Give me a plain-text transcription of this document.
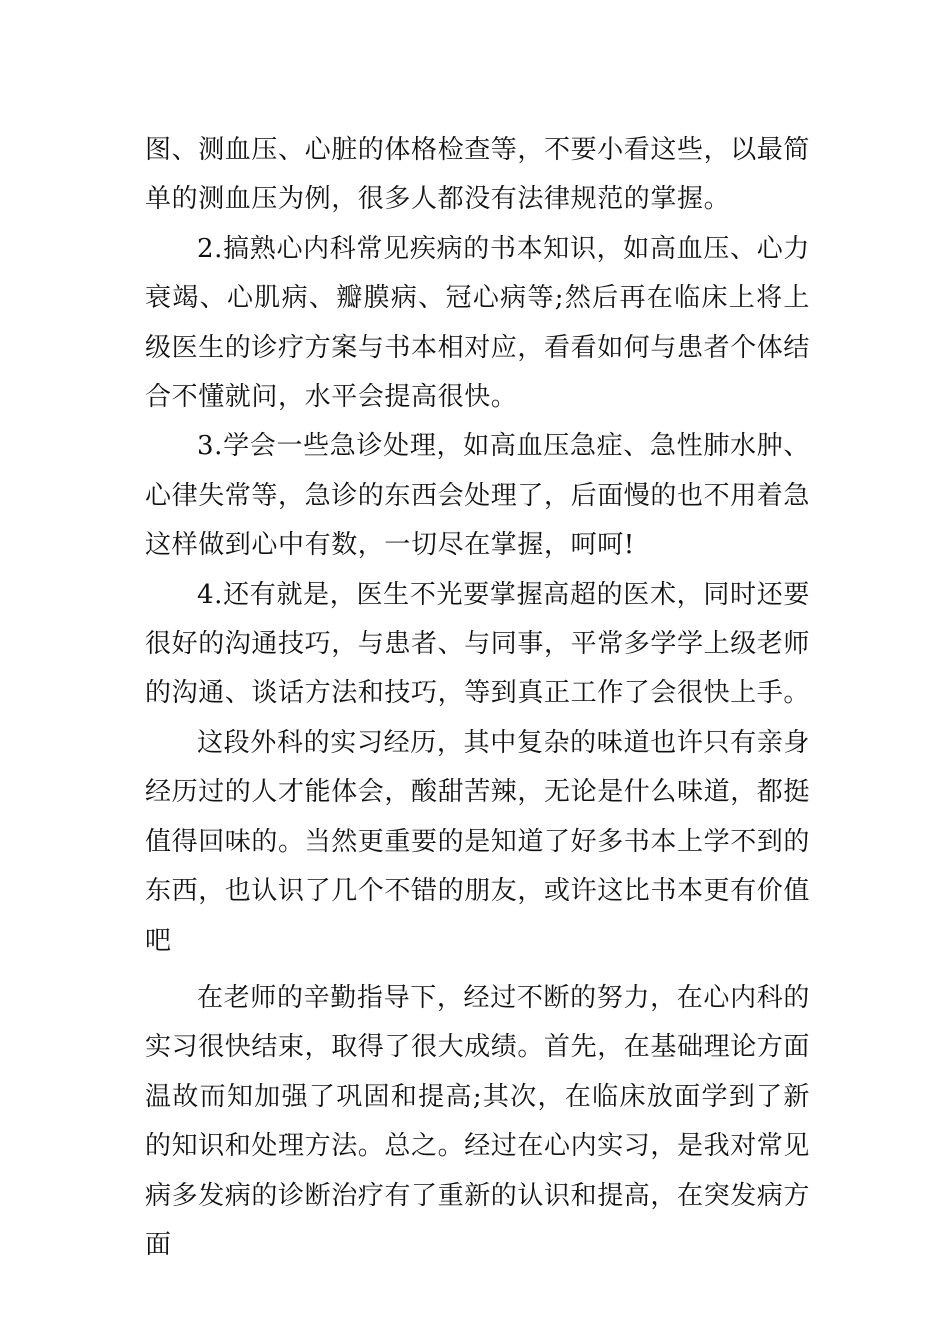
图、测血压、心脏的体格检查等，不要小看这些，以最简单的测血压为例，很多人都没有法律规范的掌握。

2.搞熟心内科常见疾病的书本知识，如高血压、心力衰竭、心肌病、瓣膜病、冠心病等;然后再在临床上将上级医生的诊疗方案与书本相对应，看看如何与患者个体结合不懂就问，水平会提高很快。

3.学会一些急诊处理，如高血压急症、急性肺水肿、心律失常等，急诊的东西会处理了，后面慢的也不用着急这样做到心中有数，一切尽在掌握，呵呵!

4.还有就是，医生不光要掌握高超的医术，同时还要很好的沟通技巧，与患者、与同事，平常多学学上级老师的沟通、谈话方法和技巧，等到真正工作了会很快上手。

这段外科的实习经历，其中复杂的味道也许只有亲身经历过的人才能体会，酸甜苦辣，无论是什么味道，都挺值得回味的。当然更重要的是知道了好多书本上学不到的东西，也认识了几个不错的朋友，或许这比书本更有价值吧

在老师的辛勤指导下，经过不断的努力，在心内科的实习很快结束，取得了很大成绩。首先，在基础理论方面温故而知加强了巩固和提高;其次，在临床放面学到了新的知识和处理方法。总之。经过在心内实习，是我对常见病多发病的诊断治疗有了重新的认识和提高，在突发病方面
